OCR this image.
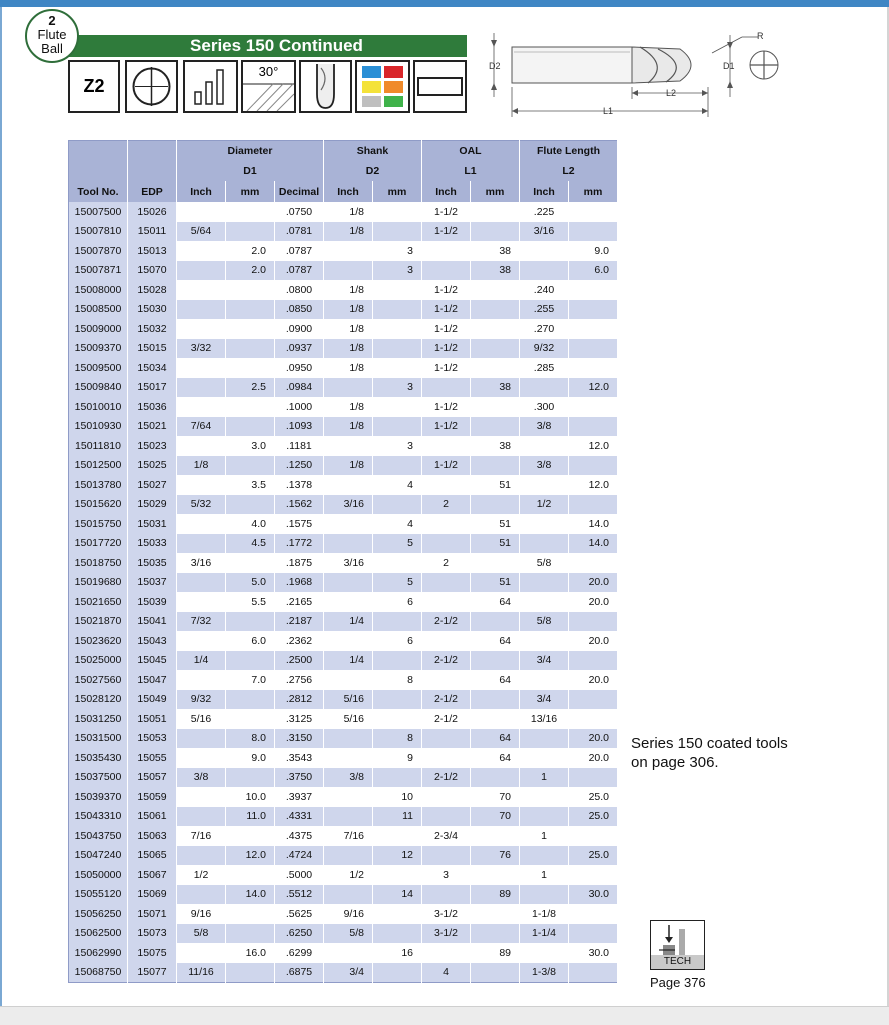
2
Flute
Ball	Series 150 Continued
Z2
30°	D2	D1
R
L2
L1
		Diameter			Shank		OAL		Flute Length	
		D1			D2		L1		L2	
Tool No.	EDP	Inch	mm	Decimal	Inch	mm	Inch	mm	Inch	mm
15007500	15026			.0750	1/8		1-1/2		.225	
15007810	15011	5/64		.0781	1/8		1-1/2		3/16	
15007870	15013		2.0	.0787		3		38		9.0
15007871	15070		2.0	.0787		3		38		6.0
15008000	15028			.0800	1/8		1-1/2		.240	
15008500	15030			.0850	1/8		1-1/2		.255	
15009000	15032			.0900	1/8		1-1/2		.270	
15009370	15015	3/32		.0937	1/8		1-1/2		9/32	
15009500	15034			.0950	1/8		1-1/2		.285	
15009840	15017		2.5	.0984		3		38		12.0
15010010	15036			.1000	1/8		1-1/2		.300	
15010930	15021	7/64		.1093	1/8		1-1/2		3/8	
15011810	15023		3.0	.1181		3		38		12.0
15012500	15025	1/8		.1250	1/8		1-1/2		3/8	
15013780	15027		3.5	.1378		4		51		12.0
15015620	15029	5/32		.1562	3/16		2		1/2	
15015750	15031		4.0	.1575		4		51		14.0
15017720	15033		4.5	.1772		5		51		14.0
15018750	15035	3/16		.1875	3/16		2		5/8	
15019680	15037		5.0	.1968		5		51		20.0
15021650	15039		5.5	.2165		6		64		20.0
15021870	15041	7/32		.2187	1/4		2-1/2		5/8	
15023620	15043		6.0	.2362		6		64		20.0
15025000	15045	1/4		.2500	1/4		2-1/2		3/4	
15027560	15047		7.0	.2756		8		64		20.0
15028120	15049	9/32		.2812	5/16		2-1/2		3/4	
15031250	15051	5/16		.3125	5/16		2-1/2		13/16	
15031500	15053		8.0	.3150		8		64		20.0
15035430	15055		9.0	.3543		9		64		20.0
15037500	15057	3/8		.3750	3/8		2-1/2		1	
15039370	15059		10.0	.3937		10		70		25.0
15043310	15061		11.0	.4331		11		70		25.0
15043750	15063	7/16		.4375	7/16		2-3/4		1	
15047240	15065		12.0	.4724		12		76		25.0
15050000	15067	1/2		.5000	1/2		3		1	
15055120	15069		14.0	.5512		14		89		30.0
15056250	15071	9/16		.5625	9/16		3-1/2		1-1/8	
15062500	15073	5/8		.6250	5/8		3-1/2		1-1/4	
15062990	15075		16.0	.6299		16		89		30.0
15068750	15077	11/16		.6875	3/4		4		1-3/8	
Series 150 coated tools
on page 306.
TECH
Page 376
